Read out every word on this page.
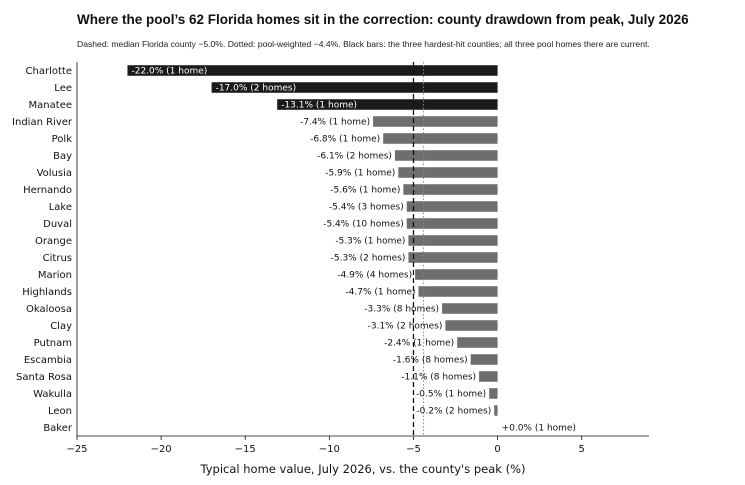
Where the pool’s 62 Florida homes sit in the correction: county drawdown from peak, July 2026
Dashed: median Florida county −5.0%. Dotted: pool-weighted −4.4%. Black bars: the three hardest-hit counties; all three pool homes there are current.
Charlotte	-22.0% (1 home)
Lee	-17.0% (2 homes)
Manatee	-13.1% (1 home)
Indian River	-7.4% (1 home)
Polk	-6.8% (1 home)
Bay	-6.1% (2 homes)
Volusia	-5.9% (1 home)
Hernando	-5.6% (1 home)
Lake	-5.4% (3 homes)
Duval	-5.4% (10 homes)
Orange	-5.3% (1 home)
Citrus	-5.3% (2 homes)
Marion	-4.9% (4 homes)
Highlands	-4.7% (1 home)
Okaloosa	-3.3% (8 homes)
Clay	-3.1% (2 homes)
Putnam	-2.4% (1 home)
Escambia	-1.6% (8 homes)
Santa Rosa	-1.1% (8 homes)
Wakulla	-0.5% (1 home)
Leon	-0.2% (2 homes)
Baker	+0.0% (1 home)
−25	−20	−15	−10	−5	0	5
Typical home value, July 2026, vs. the county's peak (%)
